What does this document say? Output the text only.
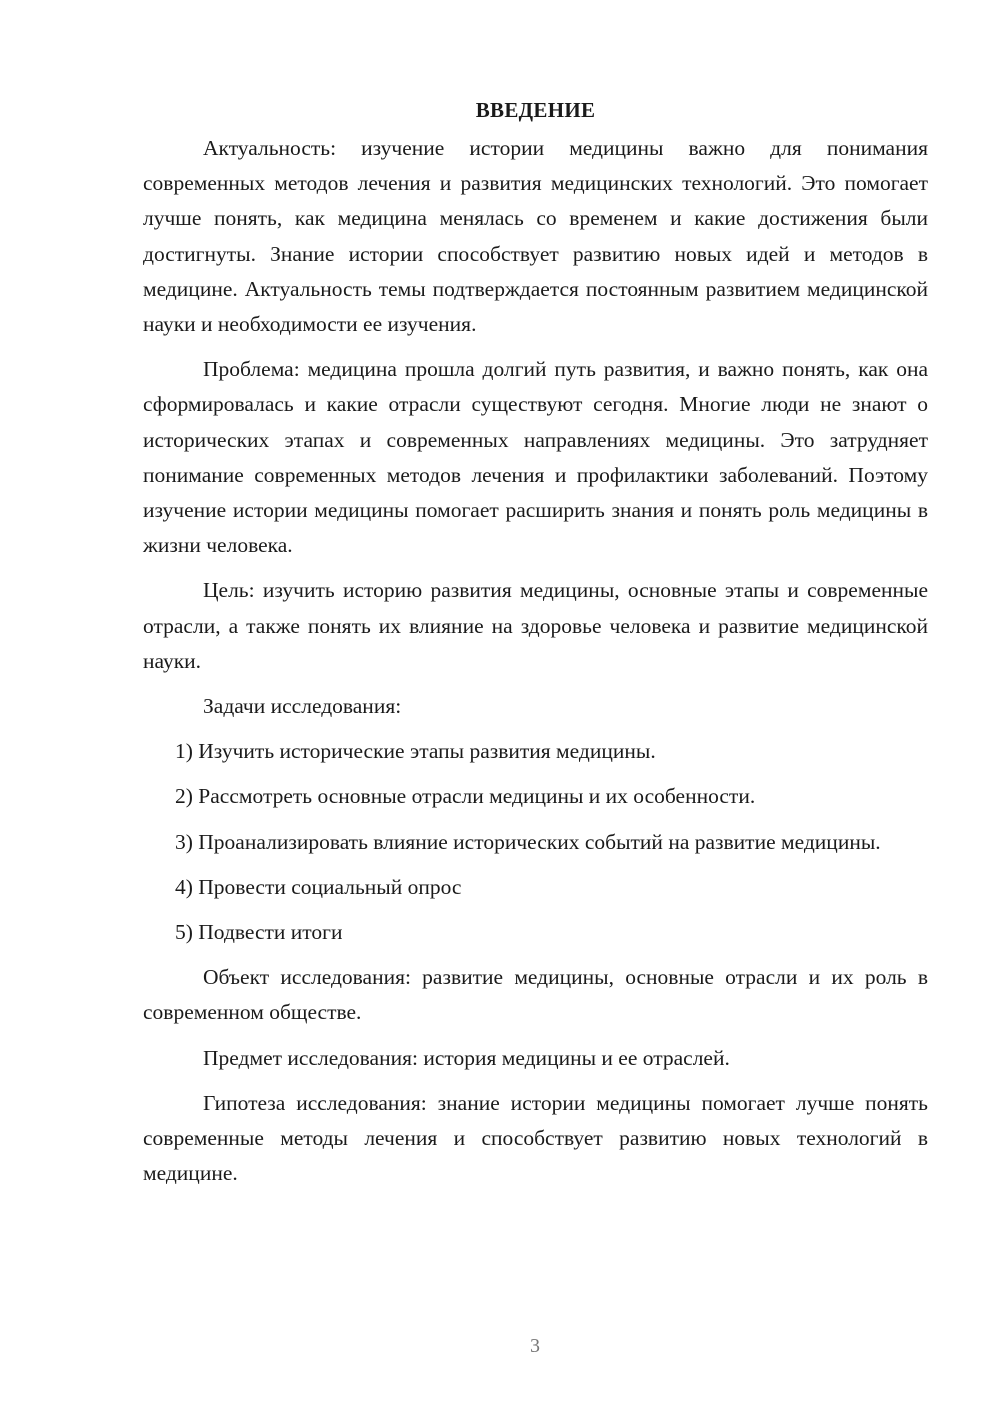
ВВЕДЕНИЕ

Актуальность: изучение истории медицины важно для понимания современных методов лечения и развития медицинских технологий. Это помогает лучше понять, как медицина менялась со временем и какие достижения были достигнуты. Знание истории способствует развитию новых идей и методов в медицине. Актуальность темы подтверждается постоянным развитием медицинской науки и необходимости ее изучения.

Проблема: медицина прошла долгий путь развития, и важно понять, как она сформировалась и какие отрасли существуют сегодня. Многие люди не знают о исторических этапах и современных направлениях медицины. Это затрудняет понимание современных методов лечения и профилактики заболеваний. Поэтому изучение истории медицины помогает расширить знания и понять роль медицины в жизни человека.

Цель: изучить историю развития медицины, основные этапы и современные отрасли, а также понять их влияние на здоровье человека и развитие медицинской науки.

Задачи исследования:

1) Изучить исторические этапы развития медицины.

2) Рассмотреть основные отрасли медицины и их особенности.

3) Проанализировать влияние исторических событий на развитие медицины.

4) Провести социальный опрос

5) Подвести итоги

Объект исследования: развитие медицины, основные отрасли и их роль в современном обществе.

Предмет исследования: история медицины и ее отраслей.

Гипотеза исследования: знание истории медицины помогает лучше понять современные методы лечения и способствует развитию новых технологий в медицине.

3
